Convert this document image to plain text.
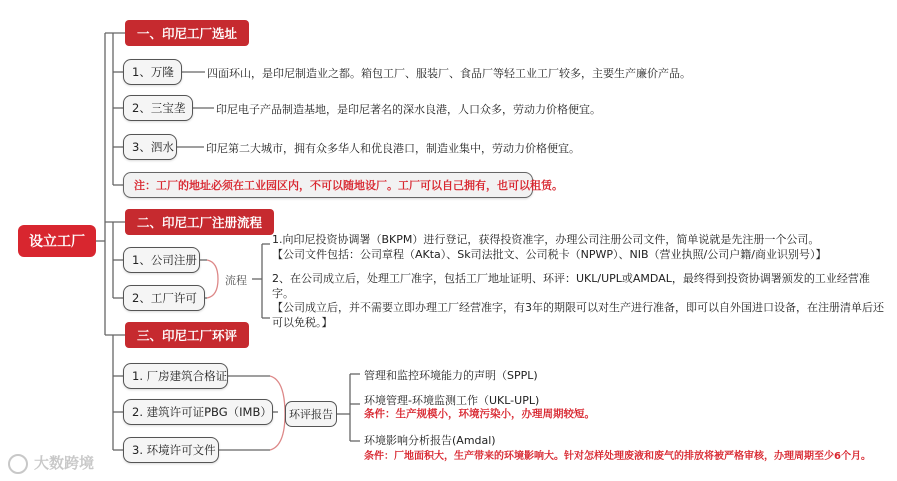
设立工厂
一、印尼工厂选址
二、印尼工厂注册流程
三、印尼工厂环评
1、万隆	四面环山，是印尼制造业之都。箱包工厂、服装厂、食品厂等轻工业工厂较多，主要生产廉价产品。
2、三宝垄	印尼电子产品制造基地，是印尼著名的深水良港，人口众多，劳动力价格便宜。
3、泗水	印尼第二大城市，拥有众多华人和优良港口，制造业集中，劳动力价格便宜。
注：工厂的地址必须在工业园区内，不可以随地设厂。工厂可以自己拥有，也可以租赁。
1、公司注册
2、工厂许可
流程
1.向印尼投资协调署（BKPM）进行登记，获得投资准字，办理公司注册公司文件，简单说就是先注册一个公司。
【公司文件包括：公司章程（AKta）、Sk司法批文、公司税卡（NPWP）、NIB（营业执照/公司户籍/商业识别号）】
2、在公司成立后，处理工厂准字，包括工厂地址证明、环评：UKL/UPL或AMDAL，最终得到投资协调署颁发的工业经营准
字。
【公司成立后，并不需要立即办理工厂经营准字，有3年的期限可以对生产进行准备，即可以自外国进口设备，在注册清单后还
可以免税。】
1. 厂房建筑合格证
2. 建筑许可证PBG（IMB）
3. 环境许可文件
环评报告
管理和监控环境能力的声明（SPPL)
环境管理-环境监测工作（UKL-UPL)
条件：生产规模小，环境污染小，办理周期较短。
环境影响分析报告(Amdal)
条件：厂地面积大，生产带来的环境影响大。针对怎样处理废液和废气的排放将被严格审核，办理周期至少6个月。
大数跨境
